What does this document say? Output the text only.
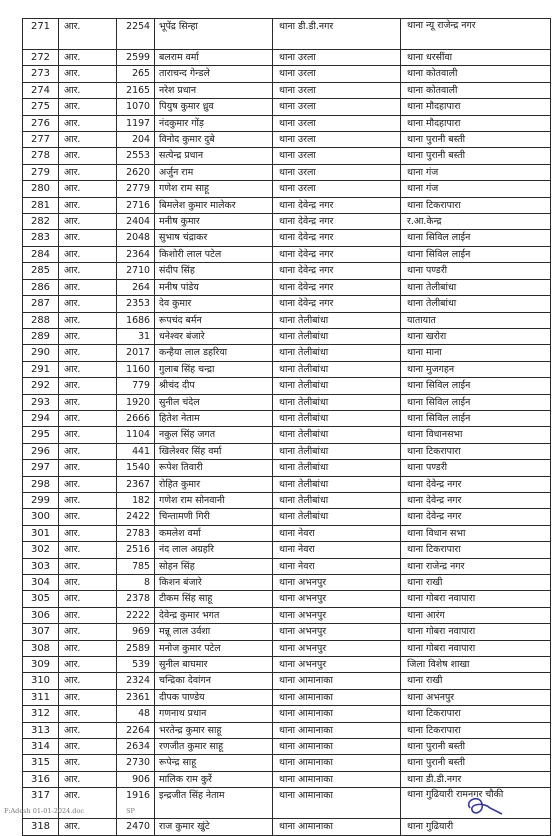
271	आर.	2254	भूपेंद्र सिन्हा	थाना डी.डी.नगर	थाना न्यू राजेन्द्र नगर
272	आर.	2599	बलराम वर्मा	थाना उरला	थाना धरसींवा
273	आर.	265	ताराचन्द गेन्डले	थाना उरला	थाना कोतवाली
274	आर.	2165	नरेश प्रधान	थाना उरला	थाना कोतवाली
275	आर.	1070	पियुष कुमार ध्रुव	थाना उरला	थाना मौदहापारा
276	आर.	1197	नंदकुमार गोंड़	थाना उरला	थाना मौदहापारा
277	आर.	204	विनोद कुमार दुबे	थाना उरला	थाना पुरानी बस्ती
278	आर.	2553	सत्येन्द्र प्रधान	थाना उरला	थाना पुरानी बस्ती
279	आर.	2620	अर्जुन राम	थाना उरला	थाना गंज
280	आर.	2779	गणेश राम साहू	थाना उरला	थाना गंज
281	आर.	2716	बिमलेश कुमार मालेकर	थाना देवेन्द्र नगर	थाना टिकरापारा
282	आर.	2404	मनीष कुमार	थाना देवेन्द्र नगर	र.आ.केन्द्र
283	आर.	2048	सुभाष चंद्राकर	थाना देवेन्द्र नगर	थाना सिविल लाईन
284	आर.	2364	किशोरी लाल पटेल	थाना देवेन्द्र नगर	थाना सिविल लाईन
285	आर.	2710	संदीप सिंह	थाना देवेन्द्र नगर	थाना पण्डरी
286	आर.	264	मनीष पांडेय	थाना देवेन्द्र नगर	थाना तेलीबांधा
287	आर.	2353	देव कुमार	थाना देवेन्द्र नगर	थाना तेलीबांधा
288	आर.	1686	रूपचंद बर्मन	थाना तेलीबांधा	यातायात
289	आर.	31	धनेश्वर बंजारे	थाना तेलीबांधा	थाना खरोरा
290	आर.	2017	कन्हैया लाल डहरिया	थाना तेलीबांधा	थाना माना
291	आर.	1160	गुलाब सिंह चन्द्रा	थाना तेलीबांधा	थाना मुजगहन
292	आर.	779	श्रीचंद दीप	थाना तेलीबांधा	थाना सिविल लाईन
293	आर.	1920	सुनील चंदेल	थाना तेलीबांधा	थाना सिविल लाईन
294	आर.	2666	हितेश नेताम	थाना तेलीबांधा	थाना सिविल लाईन
295	आर.	1104	नकुल सिंह जगत	थाना तेलीबांधा	थाना विधानसभा
296	आर.	441	खिलेश्वर सिंह वर्मा	थाना तेलीबांधा	थाना टिकरापारा
297	आर.	1540	रूपेश तिवारी	थाना तेलीबांधा	थाना पण्डरी
298	आर.	2367	रोहित कुमार	थाना तेलीबांधा	थाना देवेन्द्र नगर
299	आर.	182	गणेश राम सोनवानी	थाना तेलीबांधा	थाना देवेन्द्र नगर
300	आर.	2422	चिन्तामणी गिरी	थाना तेलीबांधा	थाना देवेन्द्र नगर
301	आर.	2783	कमलेश वर्मा	थाना नेवरा	थाना विधान सभा
302	आर.	2516	नंद लाल अग्रहरि	थाना नेवरा	थाना टिकरापारा
303	आर.	785	सोहन सिंह	थाना नेवरा	थाना राजेन्द्र नगर
304	आर.	8	किशन बंजारे	थाना अभनपुर	थाना राखी
305	आर.	2378	टीकम सिंह साहू	थाना अभनपुर	थाना गोबरा नवापारा
306	आर.	2222	देवेन्द्र कुमार भगत	थाना अभनपुर	थाना आरंग
307	आर.	969	मन्नू लाल उर्वशा	थाना अभनपुर	थाना गोबरा नवापारा
308	आर.	2589	मनोज कुमार पटेल	थाना अभनपुर	थाना गोबरा नवापारा
309	आर.	539	सुनील बाघमार	थाना अभनपुर	जिला विशेष शाखा
310	आर.	2324	चन्द्रिका देवांगन	थाना आमानाका	थाना राखी
311	आर.	2361	दीपक पाण्डेय	थाना आमानाका	थाना अभनपुर
312	आर.	48	गणनाथ प्रधान	थाना आमानाका	थाना टिकरापारा
313	आर.	2264	भरतेन्द्र कुमार साहू	थाना आमानाका	थाना टिकरापारा
314	आर.	2634	रणजीत कुमार साहू	थाना आमानाका	थाना पुरानी बस्ती
315	आर.	2730	रूपेन्द्र साहू	थाना आमानाका	थाना पुरानी बस्ती
316	आर.	906	मालिक राम कुर्रे	थाना आमानाका	थाना डी.डी.नगर
317	आर.	1916	इन्द्रजीत सिंह नेताम	थाना आमानाका	थाना गुढियारी रामनगर चौकी
318	आर.	2470	राज कुमार खुंटे	थाना आमानाका	थाना गुढियारी
F:Adesh 01-01-2024.doc	SP
